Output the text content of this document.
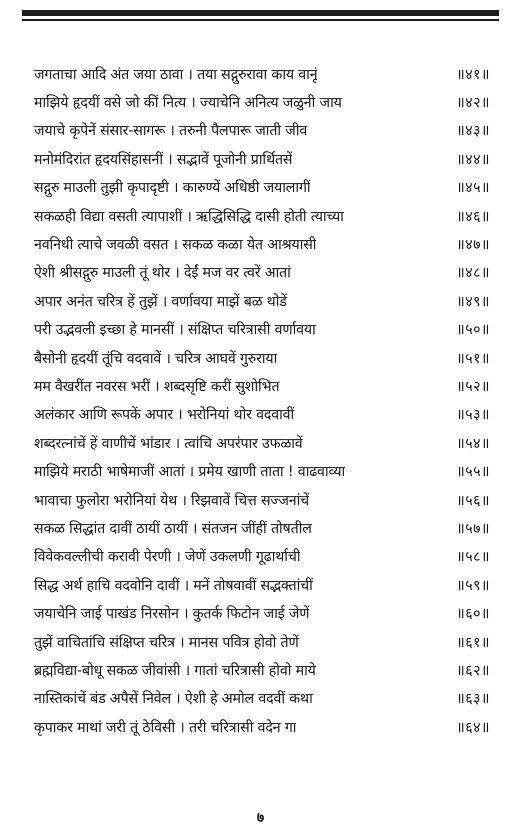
जगताचा आदि अंत जया ठावा । तया सद्गुरुरावा काय वानूं	॥४१॥
माझिये हृदयीं वसे जो कीं नित्य । ज्याचेनि अनित्य जळुनी जाय	॥४२॥
जयाचे कृपेनें संसार-सागरू । तरुनी पैलपारू जाती जीव	॥४३॥
मनोमंदिरांत हृदयसिंहासनीं । सद्भावें पूजोनी प्रार्थितसें	॥४४॥
सद्गुरु माउली तुझी कृपादृष्टी । कारुण्यें अधिष्ठी जयालागीं	॥४५॥
सकळही विद्या वसती त्यापाशीं । ऋद्धिसिद्धि दासी होती त्याच्या	॥४६॥
नवनिधी त्याचे जवळी वसत । सकळ कळा येत आश्रयासी	॥४७॥
ऐशी श्रीसद्गुरु माउली तूं थोर । देईं मज वर त्वरें आतां	॥४८॥
अपार अनंत चरित्र हें तुझें । वर्णावया माझें बळ थोडें	॥४९॥
परी उद्भवली इच्छा हे मानसीं । संक्षिप्त चरित्रासी वर्णावया	॥५०॥
बैसोनी हृदयीं तूंचि वदवावें । चरित्र आघवें गुरुराया	॥५१॥
मम वैखरींत नवरस भरीं । शब्दसृष्टि करीं सुशोभित	॥५२॥
अलंकार आणि रूपकें अपार । भरोनियां थोर वदवावीं	॥५३॥
शब्दरत्नांचें हें वाणीचें भांडार । त्वांचि अपरंपार उफळावें	॥५४॥
माझिये मराठी भाषेमाजीं आतां । प्रमेय खाणी ताता ! वाढवाव्या	॥५५॥
भावाचा फुलोरा भरोनियां येथ । रिझवावें चित्त सज्जनांचें	॥५६॥
सकळ सिद्धांत दावीं ठायीं ठायीं । संतजन जींहीं तोषतील	॥५७॥
विवेकवल्लीची करावी पेरणी । जेणें उकलणी गूढार्थाची	॥५८॥
सिद्ध अर्थ हाचि वदवोनि दावीं । मनें तोषवावीं सद्भक्तांचीं	॥५९॥
जयाचेनि जाई पाखंड निरसोन । कुतर्क फिटोन जाई जेणें	॥६०॥
तुझें वाचितांचि संक्षिप्त चरित्र । मानस पवित्र होवो तेणें	॥६१॥
ब्रह्मविद्या-बोधू सकळ जीवांसी । गातां चरित्रासी होवो माये	॥६२॥
नास्तिकांचें बंड अपैसें निवेल । ऐशी हे अमोल वदवीं कथा	॥६३॥
कृपाकर माथां जरी तूं ठेविसी । तरी चरित्रासी वदेन गा	॥६४॥
७
